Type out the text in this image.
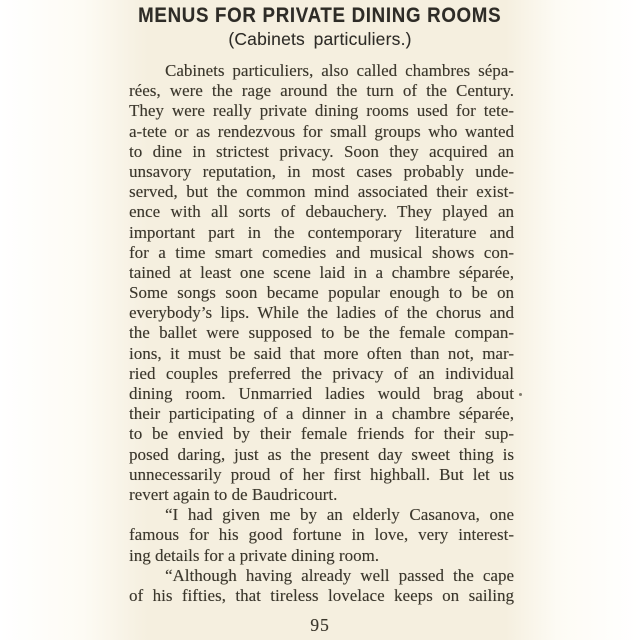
MENUS FOR PRIVATE DINING ROOMS
(Cabinets particuliers.)
Cabinets particuliers, also called chambres sépa-
rées, were the rage around the turn of the Century.
They were really private dining rooms used for tete-
a-tete or as rendezvous for small groups who wanted
to dine in strictest privacy. Soon they acquired an
unsavory reputation, in most cases probably unde-
served, but the common mind associated their exist-
ence with all sorts of debauchery. They played an
important part in the contemporary literature and
for a time smart comedies and musical shows con-
tained at least one scene laid in a chambre séparée,
Some songs soon became popular enough to be on
everybody’s lips. While the ladies of the chorus and
the ballet were supposed to be the female compan-
ions, it must be said that more often than not, mar-
ried couples preferred the privacy of an individual
dining room. Unmarried ladies would brag about
their participating of a dinner in a chambre séparée,
to be envied by their female friends for their sup-
posed daring, just as the present day sweet thing is
unnecessarily proud of her first highball. But let us
revert again to de Baudricourt.
“I had given me by an elderly Casanova, one
famous for his good fortune in love, very interest-
ing details for a private dining room.
“Although having already well passed the cape
of his fifties, that tireless lovelace keeps on sailing
95
